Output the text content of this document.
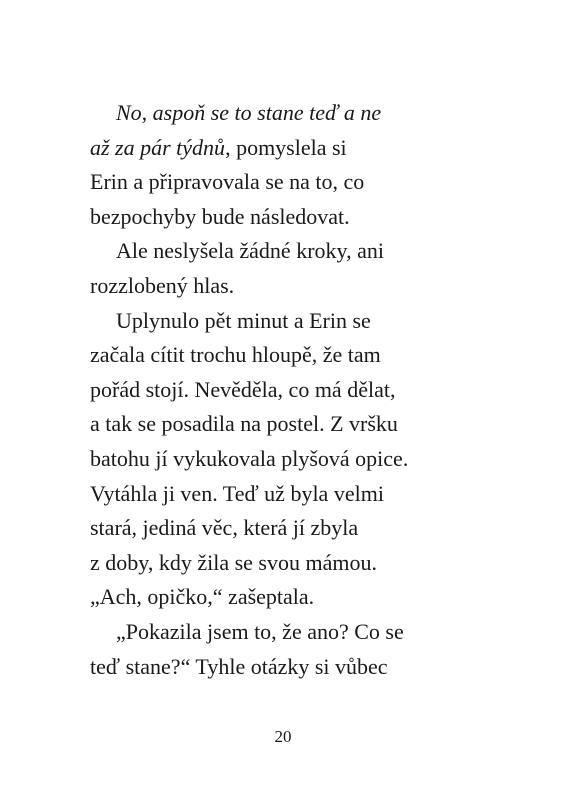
No, aspoň se to stane teď a ne
až za pár týdnů, pomyslela si
Erin a připravovala se na to, co
bezpochyby bude následovat.
Ale neslyšela žádné kroky, ani
rozzlobený hlas.
Uplynulo pět minut a Erin se
začala cítit trochu hloupě, že tam
pořád stojí. Nevěděla, co má dělat,
a tak se posadila na postel. Z vršku
batohu jí vykukovala plyšová opice.
Vytáhla ji ven. Teď už byla velmi
stará, jediná věc, která jí zbyla
z doby, kdy žila se svou mámou.
„Ach, opičko,“ zašeptala.
„Pokazila jsem to, že ano? Co se
teď stane?“ Tyhle otázky si vůbec
20
